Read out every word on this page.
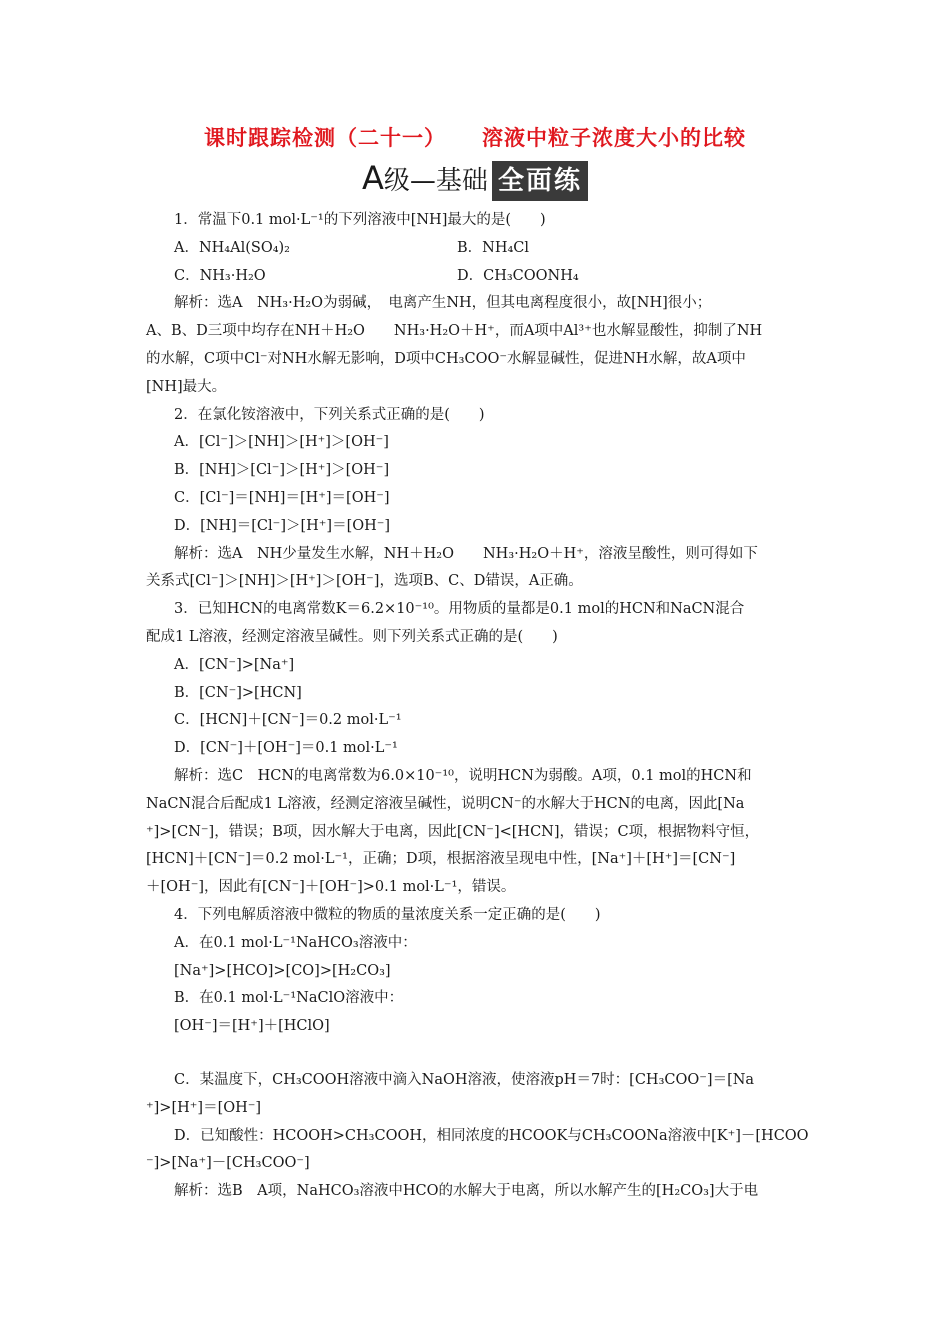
课时跟踪检测（二十一） 溶液中粒子浓度大小的比较
A级—基础 全面练

1．常温下0.1 mol·L⁻¹的下列溶液中[NH]最大的是(　　)

A．NH₄Al(SO₄)₂	B．NH₄Cl

C．NH₃·H₂O	D．CH₃COONH₄

解析：选A　NH₃·H₂O为弱碱，　电离产生NH，但其电离程度很小，故[NH]很小；

A、B、D三项中均存在NH＋H₂O　　NH₃·H₂O＋H⁺，而A项中Al³⁺也水解显酸性，抑制了NH

的水解，C项中Cl⁻对NH水解无影响，D项中CH₃COO⁻水解显碱性，促进NH水解，故A项中

[NH]最大。

2．在氯化铵溶液中，下列关系式正确的是(　　)

A．[Cl⁻]＞[NH]＞[H⁺]＞[OH⁻]

B．[NH]＞[Cl⁻]＞[H⁺]＞[OH⁻]

C．[Cl⁻]＝[NH]＝[H⁺]＝[OH⁻]

D．[NH]＝[Cl⁻]＞[H⁺]＝[OH⁻]

解析：选A　NH少量发生水解，NH＋H₂O　　NH₃·H₂O＋H⁺，溶液呈酸性，则可得如下

关系式[Cl⁻]＞[NH]＞[H⁺]＞[OH⁻]，选项B、C、D错误，A正确。

3．已知HCN的电离常数K＝6.2×10⁻¹⁰。用物质的量都是0.1 mol的HCN和NaCN混合

配成1 L溶液，经测定溶液呈碱性。则下列关系式正确的是(　　)

A．[CN⁻]>[Na⁺]

B．[CN⁻]>[HCN]

C．[HCN]＋[CN⁻]＝0.2 mol·L⁻¹

D．[CN⁻]＋[OH⁻]＝0.1 mol·L⁻¹

解析：选C　HCN的电离常数为6.0×10⁻¹⁰，说明HCN为弱酸。A项，0.1 mol的HCN和

NaCN混合后配成1 L溶液，经测定溶液呈碱性，说明CN⁻的水解大于HCN的电离，因此[Na

⁺]>[CN⁻]，错误；B项，因水解大于电离，因此[CN⁻]<[HCN]，错误；C项，根据物料守恒，

[HCN]＋[CN⁻]＝0.2 mol·L⁻¹，正确；D项，根据溶液呈现电中性，[Na⁺]＋[H⁺]＝[CN⁻]

＋[OH⁻]，因此有[CN⁻]＋[OH⁻]>0.1 mol·L⁻¹，错误。

4．下列电解质溶液中微粒的物质的量浓度关系一定正确的是(　　)

A．在0.1 mol·L⁻¹NaHCO₃溶液中：

[Na⁺]>[HCO]>[CO]>[H₂CO₃]

B．在0.1 mol·L⁻¹NaClO溶液中：

[OH⁻]＝[H⁺]＋[HClO]

C．某温度下，CH₃COOH溶液中滴入NaOH溶液，使溶液pH＝7时：[CH₃COO⁻]＝[Na

⁺]>[H⁺]＝[OH⁻]

D．已知酸性：HCOOH>CH₃COOH，相同浓度的HCOOK与CH₃COONa溶液中[K⁺]－[HCOO

⁻]>[Na⁺]－[CH₃COO⁻]

解析：选B　A项，NaHCO₃溶液中HCO的水解大于电离，所以水解产生的[H₂CO₃]大于电
